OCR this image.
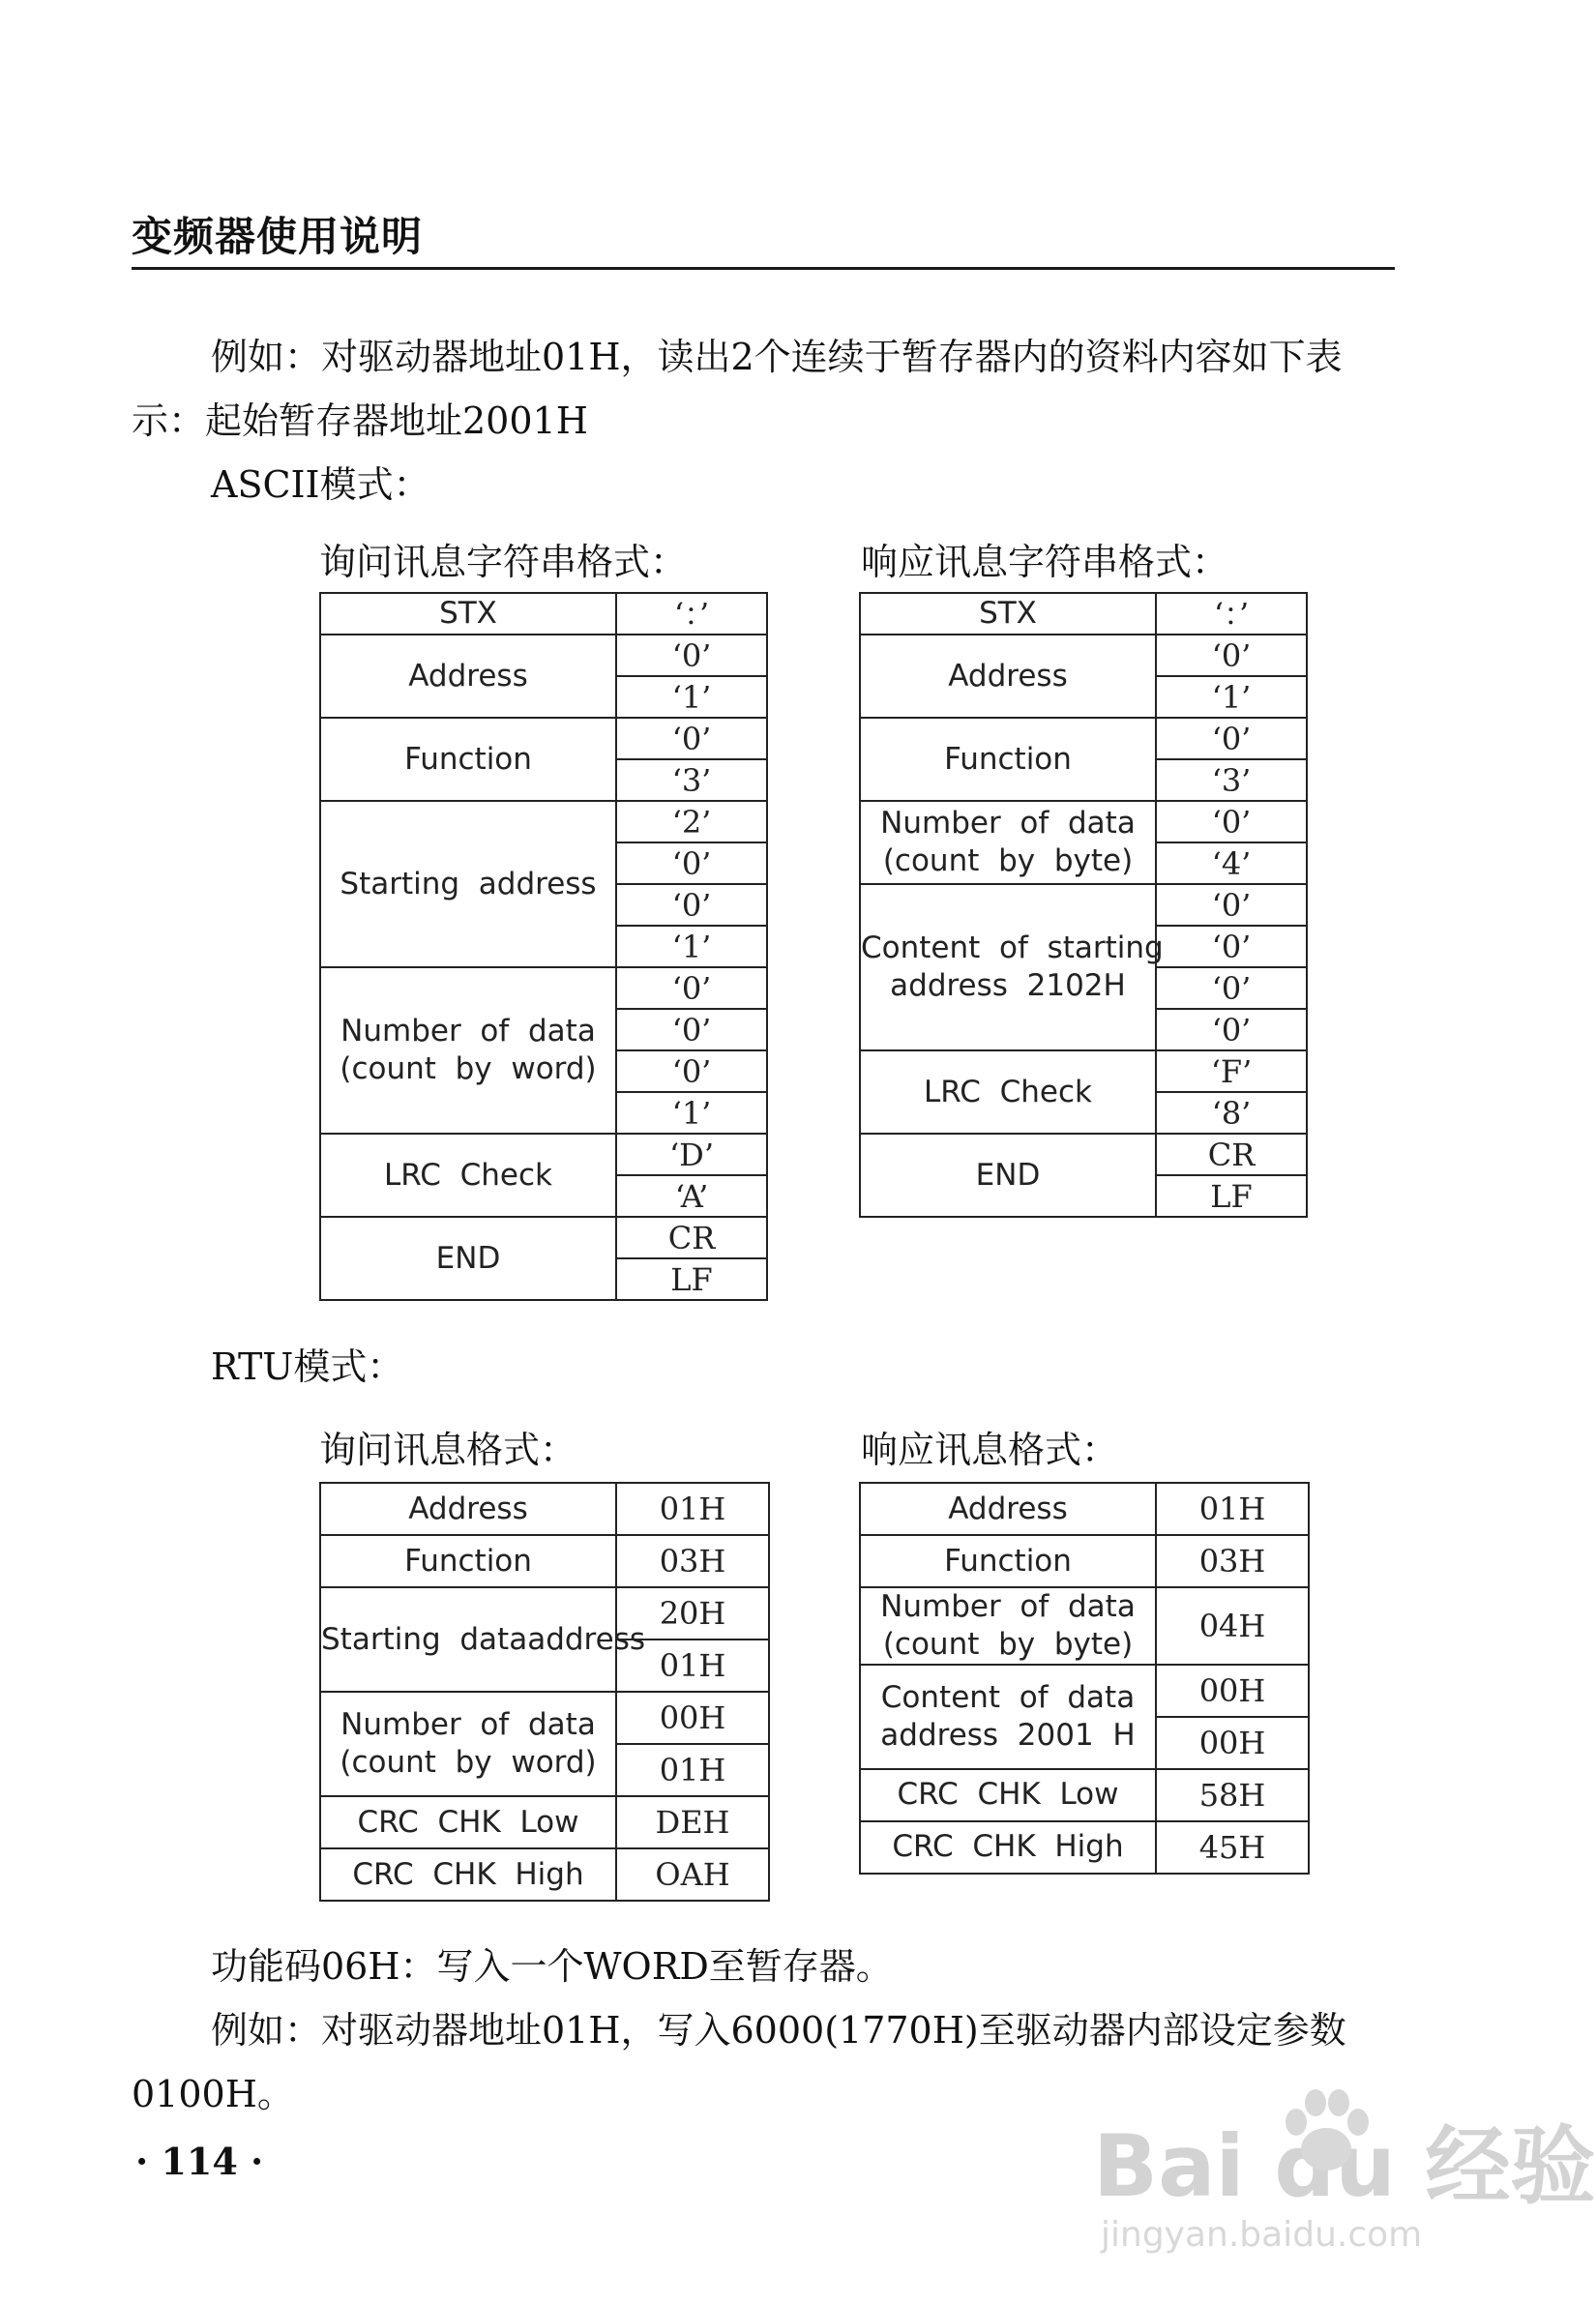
变频器使用说明
例如：对驱动器地址01H，读出2个连续于暂存器内的资料内容如下表
示：起始暂存器地址2001H
ASCII模式：
询问讯息字符串格式：	响应讯息字符串格式：
STX	‘：’
Address	‘0’
	‘1’
Function	‘0’
	‘3’
Starting  address	‘2’
	‘0’
	‘0’
	‘1’
Number  of  data
(count  by  word)	‘0’
	‘0’
	‘0’
	‘1’
LRC  Check	‘D’
	‘A’
END	CR
	LF
STX	‘：’
Address	‘0’
	‘1’
Function	‘0’
	‘3’
Number  of  data
(count  by  byte)	‘0’
	‘4’
Content  of  starting
address  2102H	‘0’
	‘0’
	‘0’
	‘0’
LRC  Check	‘F’
	‘8’
END	CR
	LF
RTU模式：
询问讯息格式：	响应讯息格式：
Address	01H
Function	03H
Starting  dataaddress	20H
	01H
Number  of  data
(count  by  word)	00H
	01H
CRC  CHK  Low	DEH
CRC  CHK  High	OAH
Address	01H
Function	03H
Number  of  data
(count  by  byte)	04H
Content  of  data
address  2001  H	00H
	00H
CRC  CHK  Low	58H
CRC  CHK  High	45H
功能码06H：写入一个WORD至暂存器。
例如：对驱动器地址01H，写入6000(1770H)至驱动器内部设定参数
0100H。
· 114 ·	Bai du 经验
jingyan.baidu.com
